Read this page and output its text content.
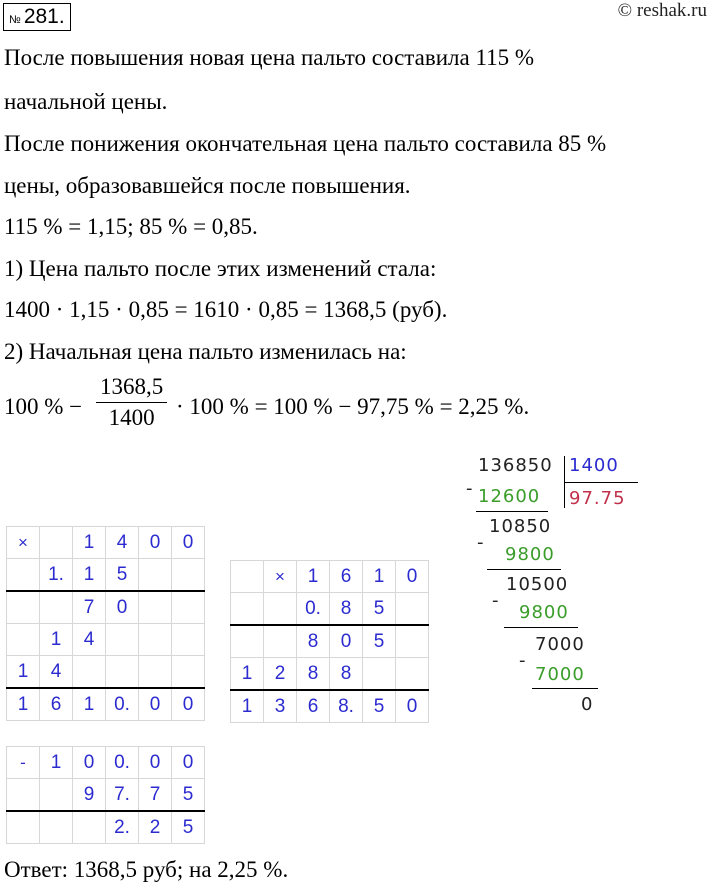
№ 281.	© reshak.ru
После повышения новая цена пальто составила 115 %
начальной цены.
После понижения окончательная цена пальто составила 85 %
цены, образовавшейся после повышения.
115 % = 1,15; 85 % = 0,85.
1) Цена пальто после этих изменений стала:
1400 · 1,15 · 0,85 = 1610 · 0,85 = 1368,5 (руб).
2) Начальная цена пальто изменилась на:
100 % −
1368,5
1400 · 100 % = 100 % − 97,75 % = 2,25 %.
×		1	4	0	0
	1.	1	5		
		7	0		
	1	4			
1	4				
1	6	1	0.	0	0
	×	1	6	1	0
		0.	8	5	
		8	0	5	
1	2	8	8		
1	3	6	8.	5	0
-	1	0	0.	0	0
		9	7.	7	5
			2.	2	5
136850 1400
- 12600 97.75
10850
-
9800
10500
-
9800
7000
-
7000
0
Ответ: 1368,5 руб; на 2,25 %.
